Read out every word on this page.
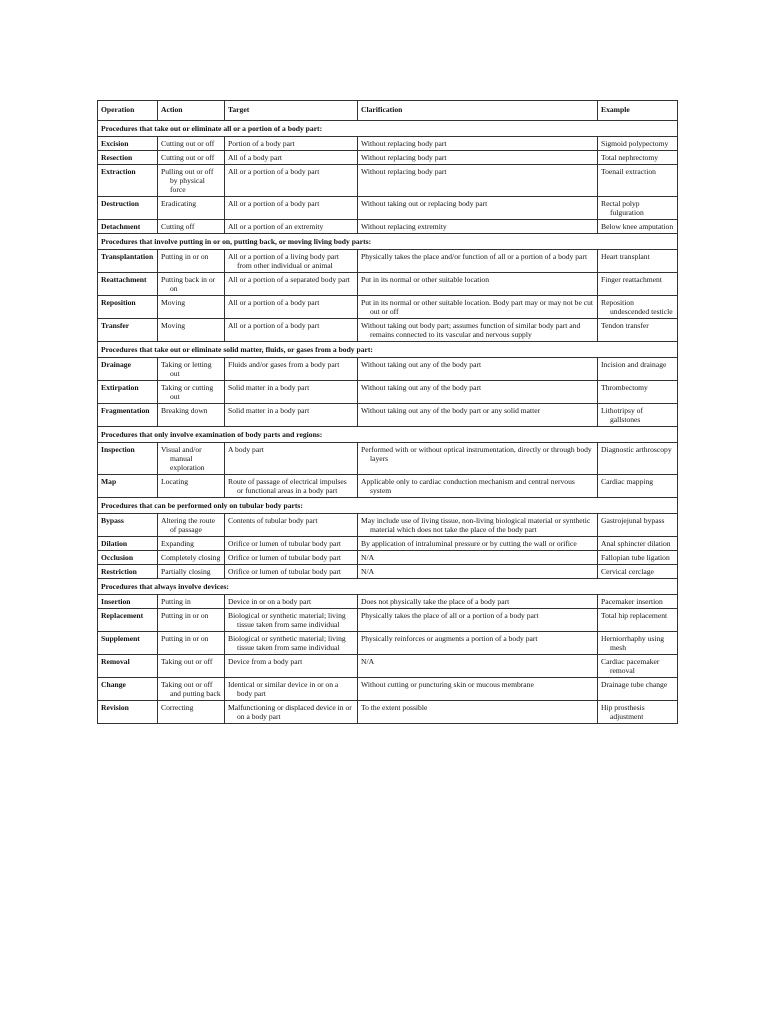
Operation	Action	Target	Clarification	Example
Procedures that take out or eliminate all or a portion of a body part:				
Excision	Cutting out or off	Portion of a body part	Without replacing body part	Sigmoid polypectomy
Resection	Cutting out or off	All of a body part	Without replacing body part	Total nephrectomy
Extraction	Pulling out or off by physical force	All or a portion of a body part	Without replacing body part	Toenail extraction
Destruction	Eradicating	All or a portion of a body part	Without taking out or replacing body part	Rectal polyp fulguration
Detachment	Cutting off	All or a portion of an extremity	Without replacing extremity	Below knee amputation
Procedures that involve putting in or on, putting back, or moving living body parts:				
Transplantation	Putting in or on	All or a portion of a living body part from other individual or animal	Physically takes the place and/or function of all or a portion of a body part	Heart transplant
Reattachment	Putting back in or on	All or a portion of a separated body part	Put in its normal or other suitable location	Finger reattachment
Reposition	Moving	All or a portion of a body part	Put in its normal or other suitable location. Body part may or may not be cut out or off	Reposition undescended testicle
Transfer	Moving	All or a portion of a body part	Without taking out body part; assumes function of similar body part and remains connected to its vascular and nervous supply	Tendon transfer
Procedures that take out or eliminate solid matter, fluids, or gases from a body part:				
Drainage	Taking or letting out	Fluids and/or gases from a body part	Without taking out any of the body part	Incision and drainage
Extirpation	Taking or cutting out	Solid matter in a body part	Without taking out any of the body part	Thrombectomy
Fragmentation	Breaking down	Solid matter in a body part	Without taking out any of the body part or any solid matter	Lithotripsy of gallstones
Procedures that only involve examination of body parts and regions:				
Inspection	Visual and/or manual exploration	A body part	Performed with or without optical instrumentation, directly or through body layers	Diagnostic arthroscopy
Map	Locating	Route of passage of electrical impulses or functional areas in a body part	Applicable only to cardiac conduction mechanism and central nervous system	Cardiac mapping
Procedures that can be performed only on tubular body parts:				
Bypass	Altering the route of passage	Contents of tubular body part	May include use of living tissue, non-living biological material or synthetic material which does not take the place of the body part	Gastrojejunal bypass
Dilation	Expanding	Orifice or lumen of tubular body part	By application of intraluminal pressure or by cutting the wall or orifice	Anal sphincter dilation
Occlusion	Completely closing	Orifice or lumen of tubular body part	N/A	Fallopian tube ligation
Restriction	Partially closing	Orifice or lumen of tubular body part	N/A	Cervical cerclage
Procedures that always involve devices:				
Insertion	Putting in	Device in or on a body part	Does not physically take the place of a body part	Pacemaker insertion
Replacement	Putting in or on	Biological or synthetic material; living tissue taken from same individual	Physically takes the place of all or a portion of a body part	Total hip replacement
Supplement	Putting in or on	Biological or synthetic material; living tissue taken from same individual	Physically reinforces or augments a portion of a body part	Herniorrhaphy using mesh
Removal	Taking out or off	Device from a body part	N/A	Cardiac pacemaker removal
Change	Taking out or off and putting back	Identical or similar device in or on a body part	Without cutting or puncturing skin or mucous membrane	Drainage tube change
Revision	Correcting	Malfunctioning or displaced device in or on a body part	To the extent possible	Hip prosthesis adjustment
